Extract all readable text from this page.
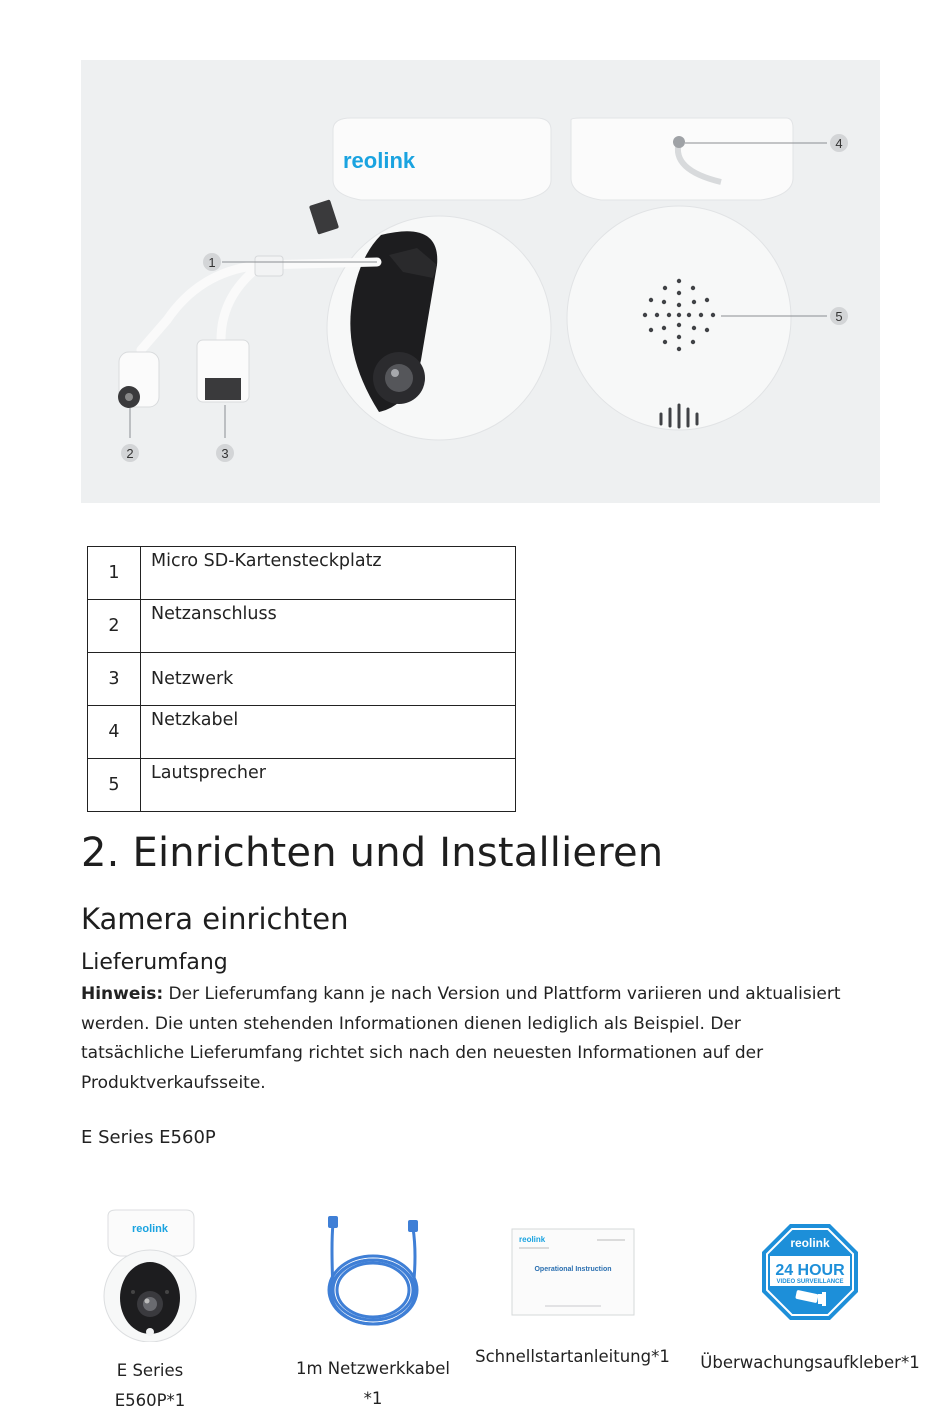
reolink
1
2	3
4
5
1	Micro SD-Kartensteckplatz
2	Netzanschluss
3	Netzwerk
4	Netzkabel
5	Lautsprecher
2. Einrichten und Installieren
Kamera einrichten
Lieferumfang

Hinweis: Der Lieferumfang kann je nach Version und Plattform variieren und aktualisiert werden. Die unten stehenden Informationen dienen lediglich als Beispiel. Der tatsächliche Lieferumfang richtet sich nach den neuesten Informationen auf der Produktverkaufsseite.

E Series E560P
reolink
E Series E560P*1
1m Netzwerkkabel *1
reolink
Operational Instruction
Schnellstartanleitung*1
reolink
24 HOUR
VIDEO SURVEILLANCE
Überwachungsaufkleber*1
